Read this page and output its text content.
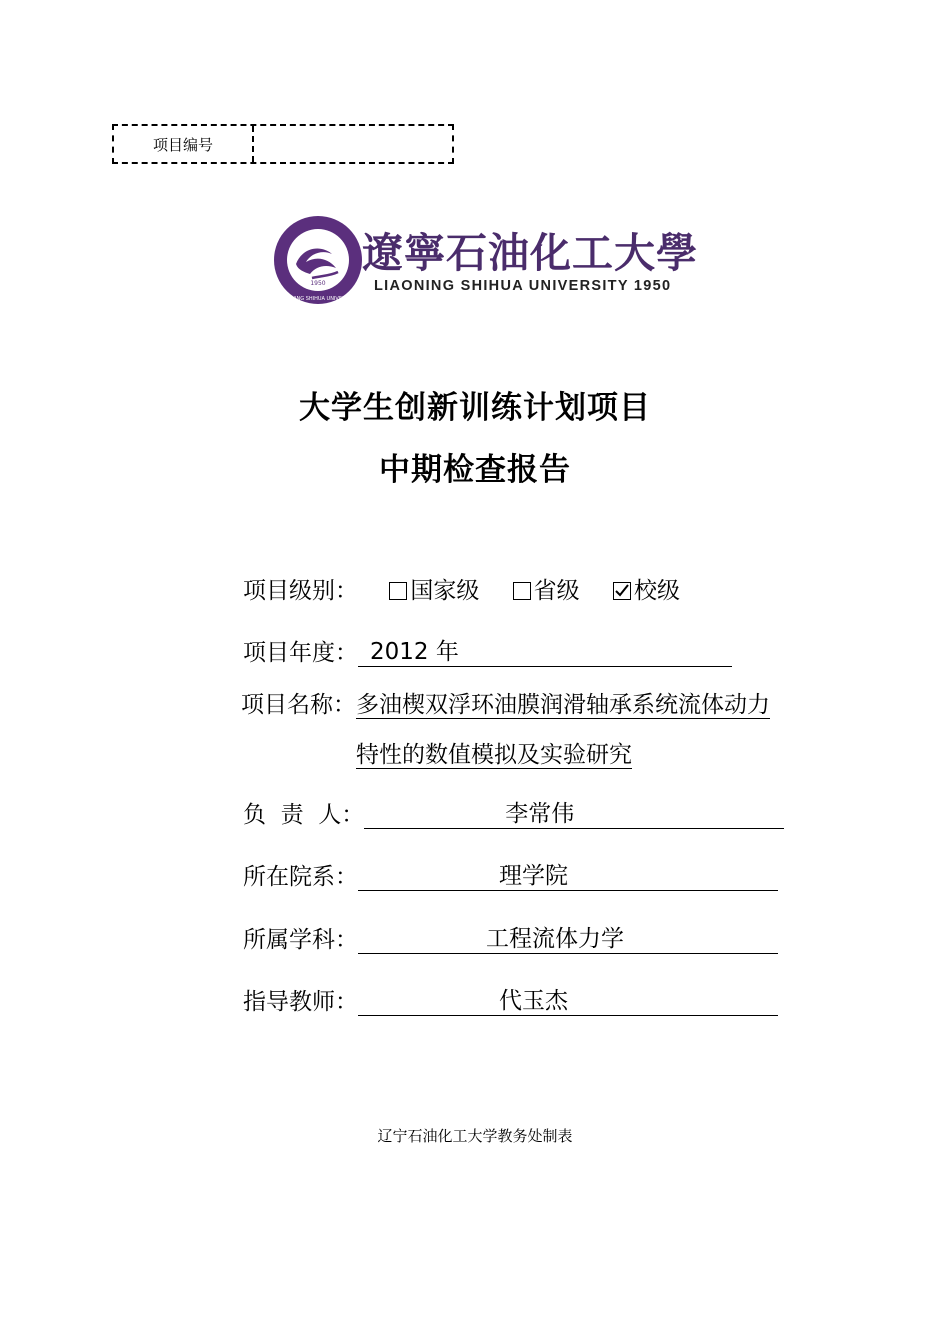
项目编号
1950
LIAONING SHIHUA UNIVERSITY
遼寧石油化工大學
LIAONING SHIHUA UNIVERSITY 1950
大学生创新训练计划项目
中期检查报告
项目级别： 国家级 省级 校级
项目年度： 2012 年
项目名称：多油楔双浮环油膜润滑轴承系统流体动力
特性的数值模拟及实验研究
负  责  人：	李常伟
所在院系：	理学院
所属学科：	工程流体力学
指导教师：	代玉杰
辽宁石油化工大学教务处制表
